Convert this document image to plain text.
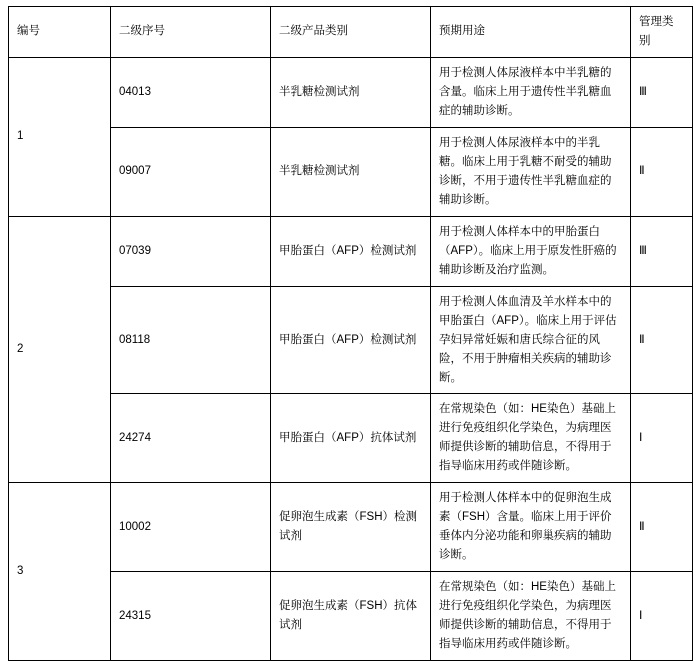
编号	二级序号	二级产品类别	预期用途	管理类别
1	04013	半乳糖检测试剂	用于检测人体尿液样本中半乳糖的含量。临床上用于遗传性半乳糖血症的辅助诊断。	Ⅲ
	09007	半乳糖检测试剂	用于检测人体尿液样本中的半乳糖。临床上用于乳糖不耐受的辅助诊断，不用于遗传性半乳糖血症的辅助诊断。	Ⅱ
2	07039	甲胎蛋白（AFP）检测试剂	用于检测人体样本中的甲胎蛋白（AFP）。临床上用于原发性肝癌的辅助诊断及治疗监测。	Ⅲ
	08118	甲胎蛋白（AFP）检测试剂	用于检测人体血清及羊水样本中的甲胎蛋白（AFP）。临床上用于评估孕妇异常妊娠和唐氏综合征的风险，不用于肿瘤相关疾病的辅助诊断。	Ⅱ
	24274	甲胎蛋白（AFP）抗体试剂	在常规染色（如：HE染色）基础上进行免疫组织化学染色，为病理医师提供诊断的辅助信息，不得用于指导临床用药或伴随诊断。	Ⅰ
3	10002	促卵泡生成素（FSH）检测试剂	用于检测人体样本中的促卵泡生成素（FSH）含量。临床上用于评价垂体内分泌功能和卵巢疾病的辅助诊断。	Ⅱ
	24315	促卵泡生成素（FSH）抗体试剂	在常规染色（如：HE染色）基础上进行免疫组织化学染色，为病理医师提供诊断的辅助信息，不得用于指导临床用药或伴随诊断。	Ⅰ
